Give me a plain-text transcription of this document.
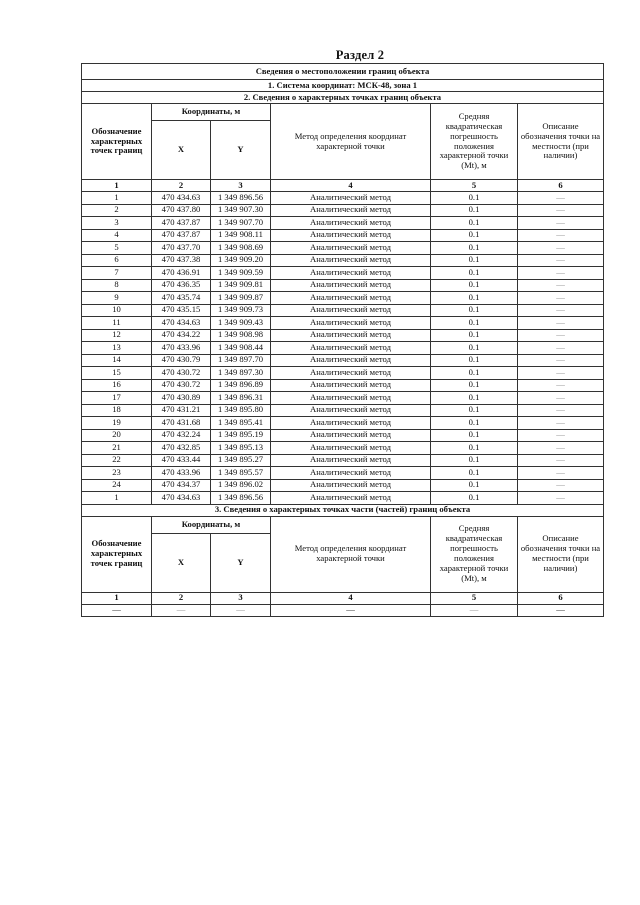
Раздел 2
Сведения о местоположении границ объекта					
1. Система координат: МСК-48, зона 1					
2. Сведения о характерных точках границ объекта					
Обозначение характерных точек границ	Координаты, м		Метод определения координат характерной точки	Средняя квадратическая погрешность положения характерной точки (Mt), м	Описание обозначения точки на местности (при наличии)
	X	Y			
1	2	3	4	5	6
1	470 434.63	1 349 896.56	Аналитический метод	0.1	—
2	470 437.80	1 349 907.30	Аналитический метод	0.1	—
3	470 437.87	1 349 907.70	Аналитический метод	0.1	—
4	470 437.87	1 349 908.11	Аналитический метод	0.1	—
5	470 437.70	1 349 908.69	Аналитический метод	0.1	—
6	470 437.38	1 349 909.20	Аналитический метод	0.1	—
7	470 436.91	1 349 909.59	Аналитический метод	0.1	—
8	470 436.35	1 349 909.81	Аналитический метод	0.1	—
9	470 435.74	1 349 909.87	Аналитический метод	0.1	—
10	470 435.15	1 349 909.73	Аналитический метод	0.1	—
11	470 434.63	1 349 909.43	Аналитический метод	0.1	—
12	470 434.22	1 349 908.98	Аналитический метод	0.1	—
13	470 433.96	1 349 908.44	Аналитический метод	0.1	—
14	470 430.79	1 349 897.70	Аналитический метод	0.1	—
15	470 430.72	1 349 897.30	Аналитический метод	0.1	—
16	470 430.72	1 349 896.89	Аналитический метод	0.1	—
17	470 430.89	1 349 896.31	Аналитический метод	0.1	—
18	470 431.21	1 349 895.80	Аналитический метод	0.1	—
19	470 431.68	1 349 895.41	Аналитический метод	0.1	—
20	470 432.24	1 349 895.19	Аналитический метод	0.1	—
21	470 432.85	1 349 895.13	Аналитический метод	0.1	—
22	470 433.44	1 349 895.27	Аналитический метод	0.1	—
23	470 433.96	1 349 895.57	Аналитический метод	0.1	—
24	470 434.37	1 349 896.02	Аналитический метод	0.1	—
1	470 434.63	1 349 896.56	Аналитический метод	0.1	—
3. Сведения о характерных точках части (частей) границ объекта					
Обозначение характерных точек границ	Координаты, м		Метод определения координат характерной точки	Средняя квадратическая погрешность положения характерной точки (Mt), м	Описание обозначения точки на местности (при наличии)
	X	Y			
1	2	3	4	5	6
—	—	—	—	—	—
